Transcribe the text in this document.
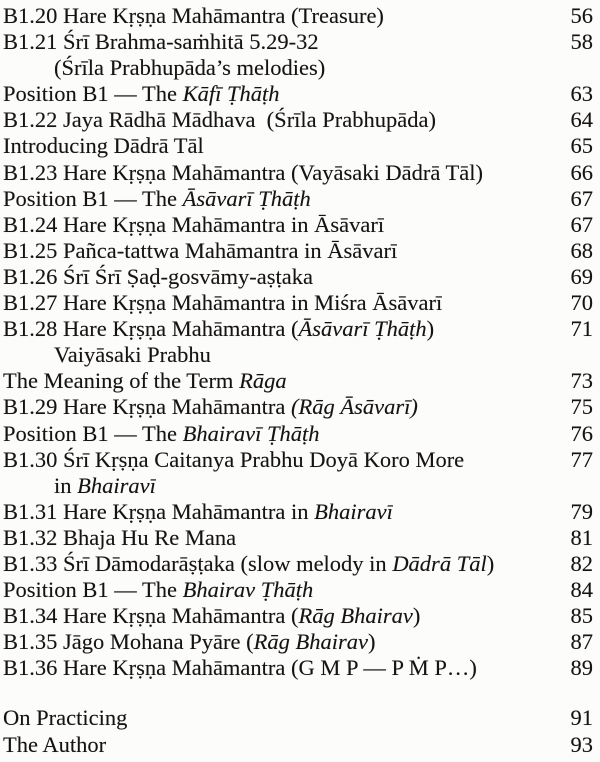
B1.20 Hare Kṛṣṇa Mahāmantra (Treasure)	56
B1.21 Śrī Brahma-saṁhitā 5.29-32	58
(Śrīla Prabhupāda’s melodies)
Position B1 — The Kāfī Ṭhāṭh	63
B1.22 Jaya Rādhā Mādhava  (Śrīla Prabhupāda)	64
Introducing Dādrā Tāl	65
B1.23 Hare Kṛṣṇa Mahāmantra (Vayāsaki Dādrā Tāl)	66
Position B1 — The Āsāvarī Ṭhāṭh	67
B1.24 Hare Kṛṣṇa Mahāmantra in Āsāvarī	67
B1.25 Pañca-tattwa Mahāmantra in Āsāvarī	68
B1.26 Śrī Śrī Ṣaḍ-gosvāmy-aṣṭaka	69
B1.27 Hare Kṛṣṇa Mahāmantra in Miśra Āsāvarī	70
B1.28 Hare Kṛṣṇa Mahāmantra (Āsāvarī Ṭhāṭh)	71
Vaiyāsaki Prabhu
The Meaning of the Term Rāga	73
B1.29 Hare Kṛṣṇa Mahāmantra (Rāg Āsāvarī)	75
Position B1 — The Bhairavī Ṭhāṭh	76
B1.30 Śrī Kṛṣṇa Caitanya Prabhu Doyā Koro More	77
in Bhairavī
B1.31 Hare Kṛṣṇa Mahāmantra in Bhairavī	79
B1.32 Bhaja Hu Re Mana	81
B1.33 Śrī Dāmodarāṣṭaka (slow melody in Dādrā Tāl)	82
Position B1 — The Bhairav Ṭhāṭh	84
B1.34 Hare Kṛṣṇa Mahāmantra (Rāg Bhairav)	85
B1.35 Jāgo Mohana Pyāre (Rāg Bhairav)	87
B1.36 Hare Kṛṣṇa Mahāmantra (G M P — P Ṁ P…)	89
On Practicing	91
The Author	93
